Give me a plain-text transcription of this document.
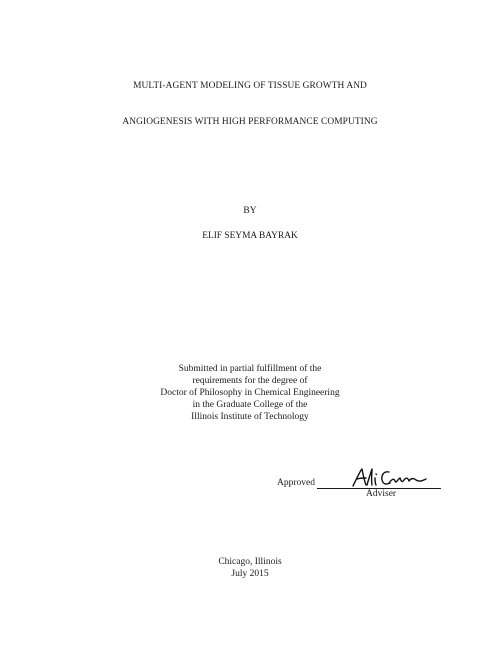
MULTI-AGENT MODELING OF TISSUE GROWTH AND
ANGIOGENESIS WITH HIGH PERFORMANCE COMPUTING
BY
ELIF SEYMA BAYRAK
Submitted in partial fulfillment of the
requirements for the degree of
Doctor of Philosophy in Chemical Engineering
in the Graduate College of the
Illinois Institute of Technology
Approved
Adviser
Chicago, Illinois
July 2015
